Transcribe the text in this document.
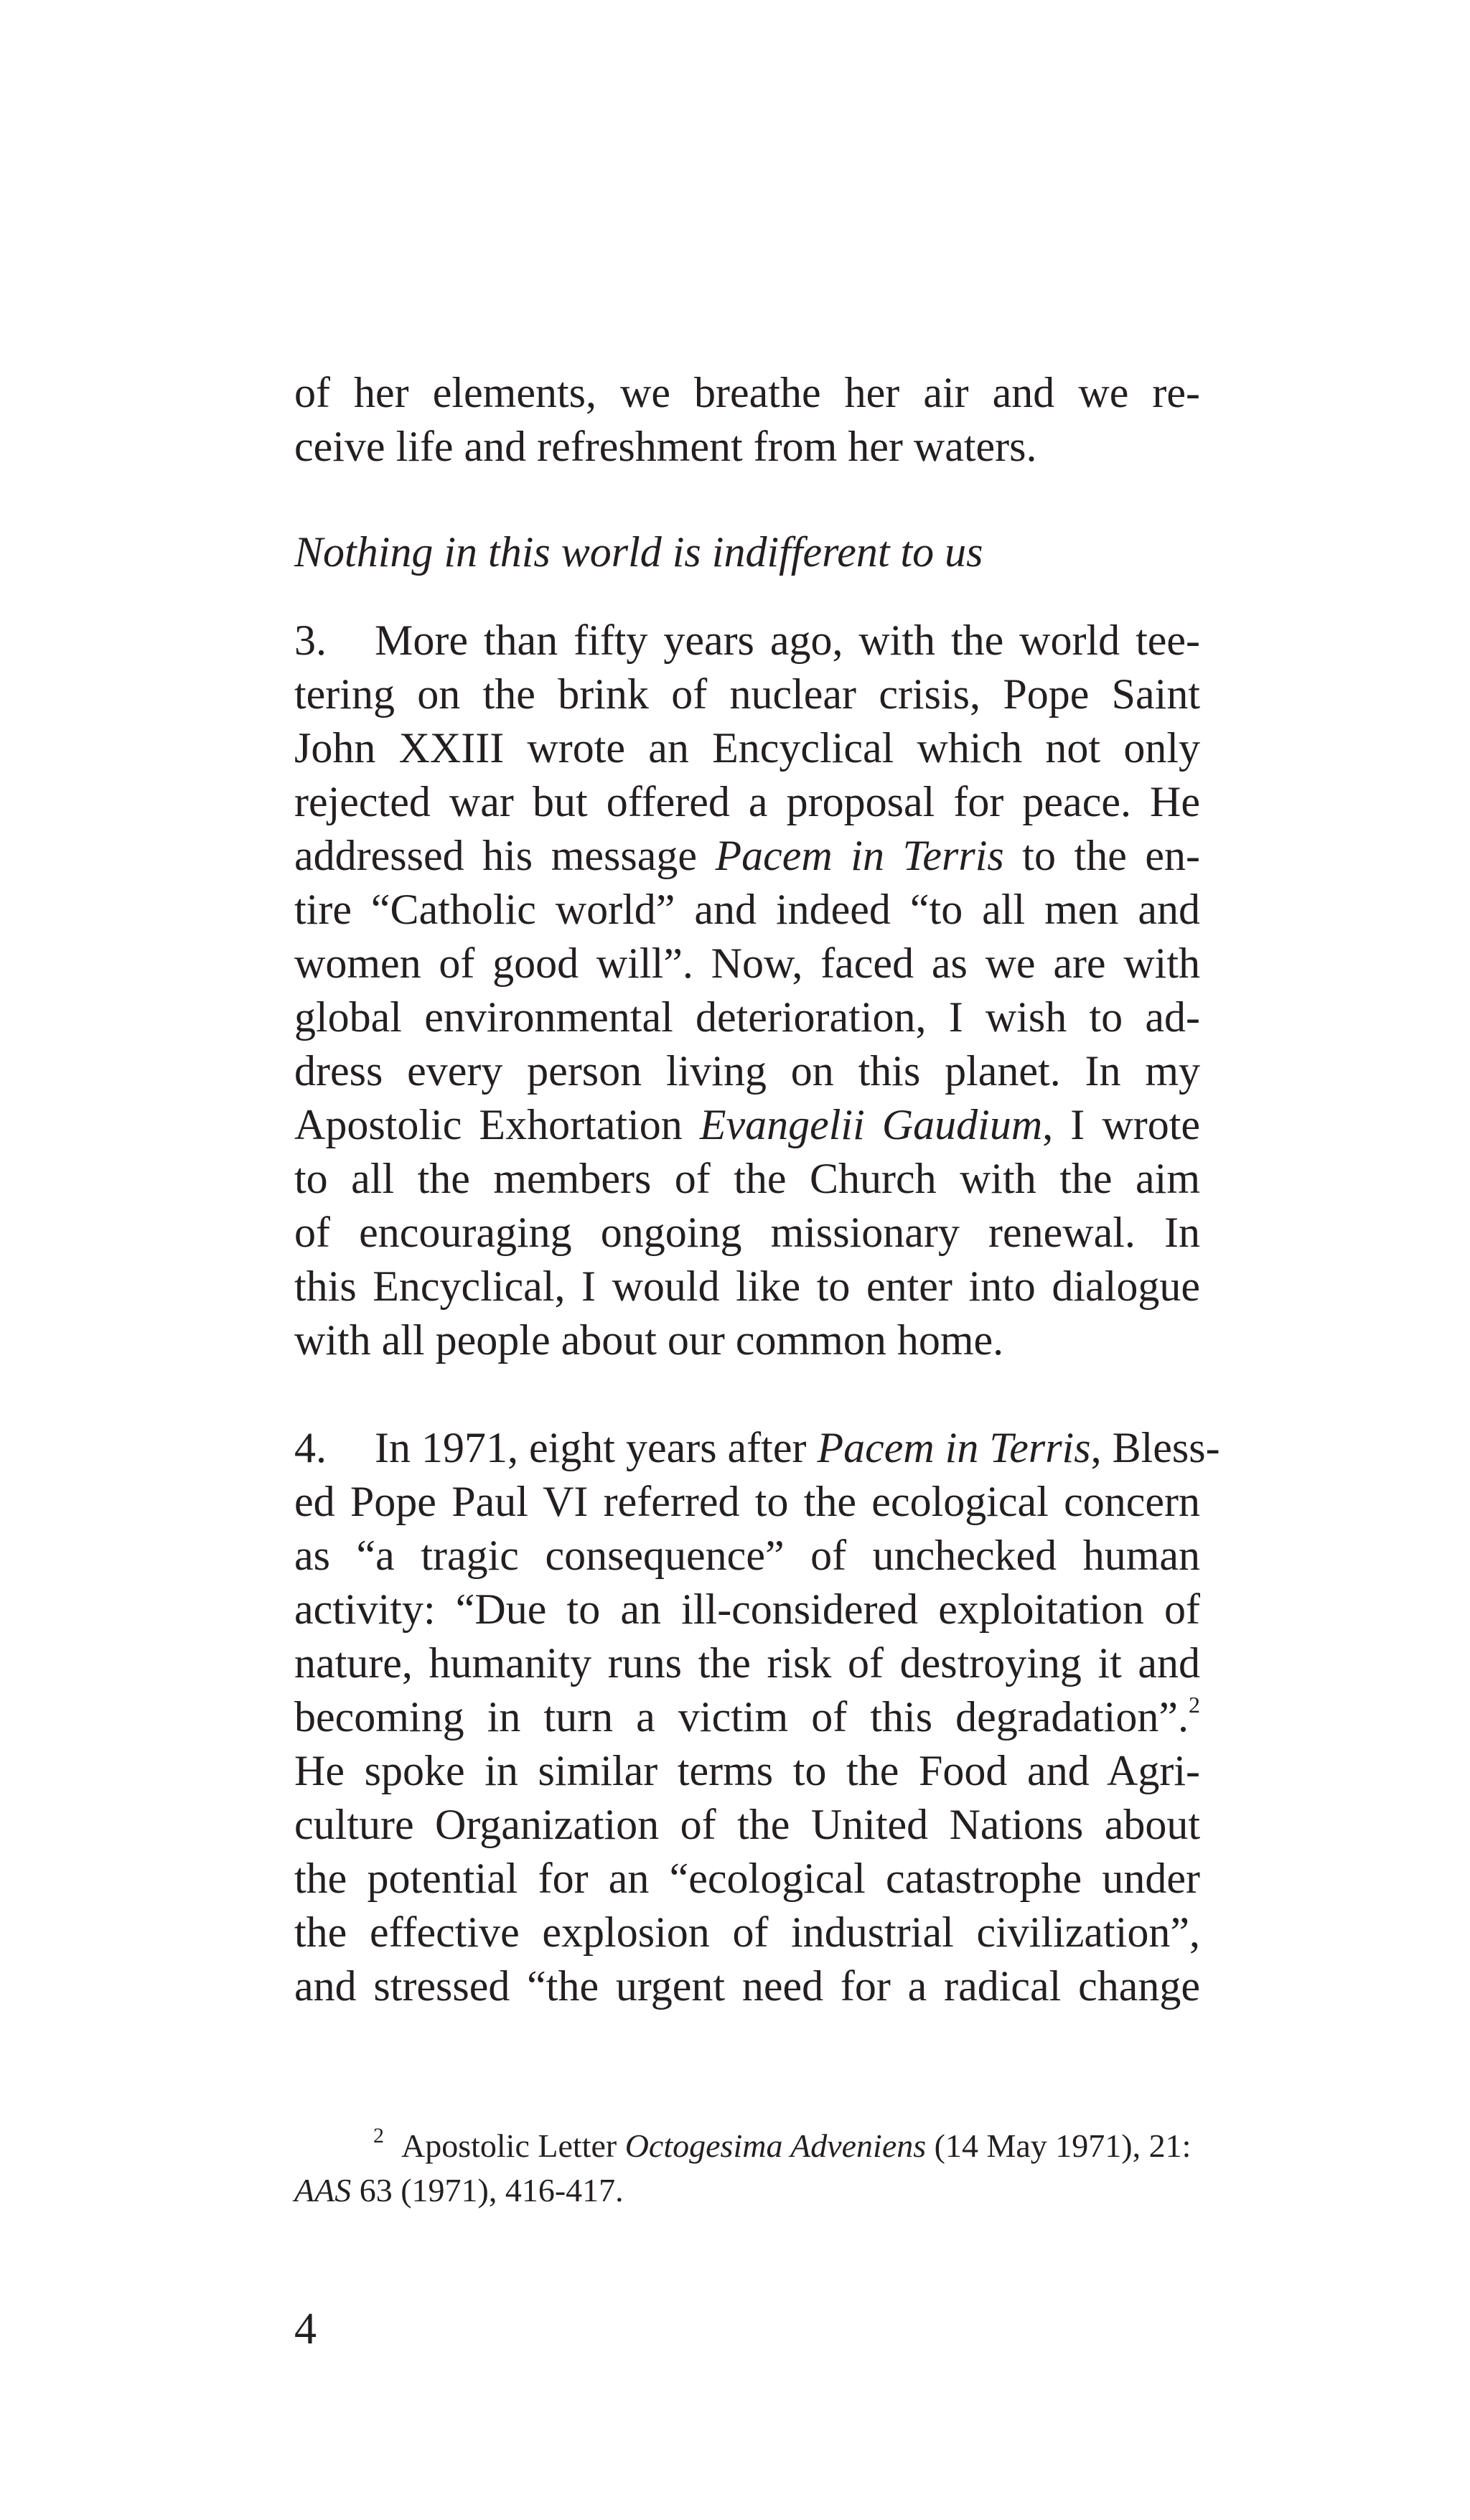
of her elements, we breathe her air and we re-
ceive life and refreshment from her waters.
Nothing in this world is indifferent to us
3. More than fifty years ago, with the world tee-
tering on the brink of nuclear crisis, Pope Saint
John XXIII wrote an Encyclical which not only
rejected war but offered a proposal for peace. He
addressed his message Pacem in Terris to the en-
tire “Catholic world” and indeed “to all men and
women of good will”. Now, faced as we are with
global environmental deterioration, I wish to ad-
dress every person living on this planet. In my
Apostolic Exhortation Evangelii Gaudium, I wrote
to all the members of the Church with the aim
of encouraging ongoing missionary renewal. In
this Encyclical, I would like to enter into dialogue
with all people about our common home.
4. In 1971, eight years after Pacem in Terris, Bless-
ed Pope Paul VI referred to the ecological concern
as “a tragic consequence” of unchecked human
activity: “Due to an ill-considered exploitation of
nature, humanity runs the risk of destroying it and
becoming in turn a victim of this degradation”.$^2$
He spoke in similar terms to the Food and Agri-
culture Organization of the United Nations about
the potential for an “ecological catastrophe under
the effective explosion of industrial civilization”,
and stressed “the urgent need for a radical change
$^2$ Apostolic Letter Octogesima Adveniens (14 May 1971), 21:
AAS 63 (1971), 416-417.
4
